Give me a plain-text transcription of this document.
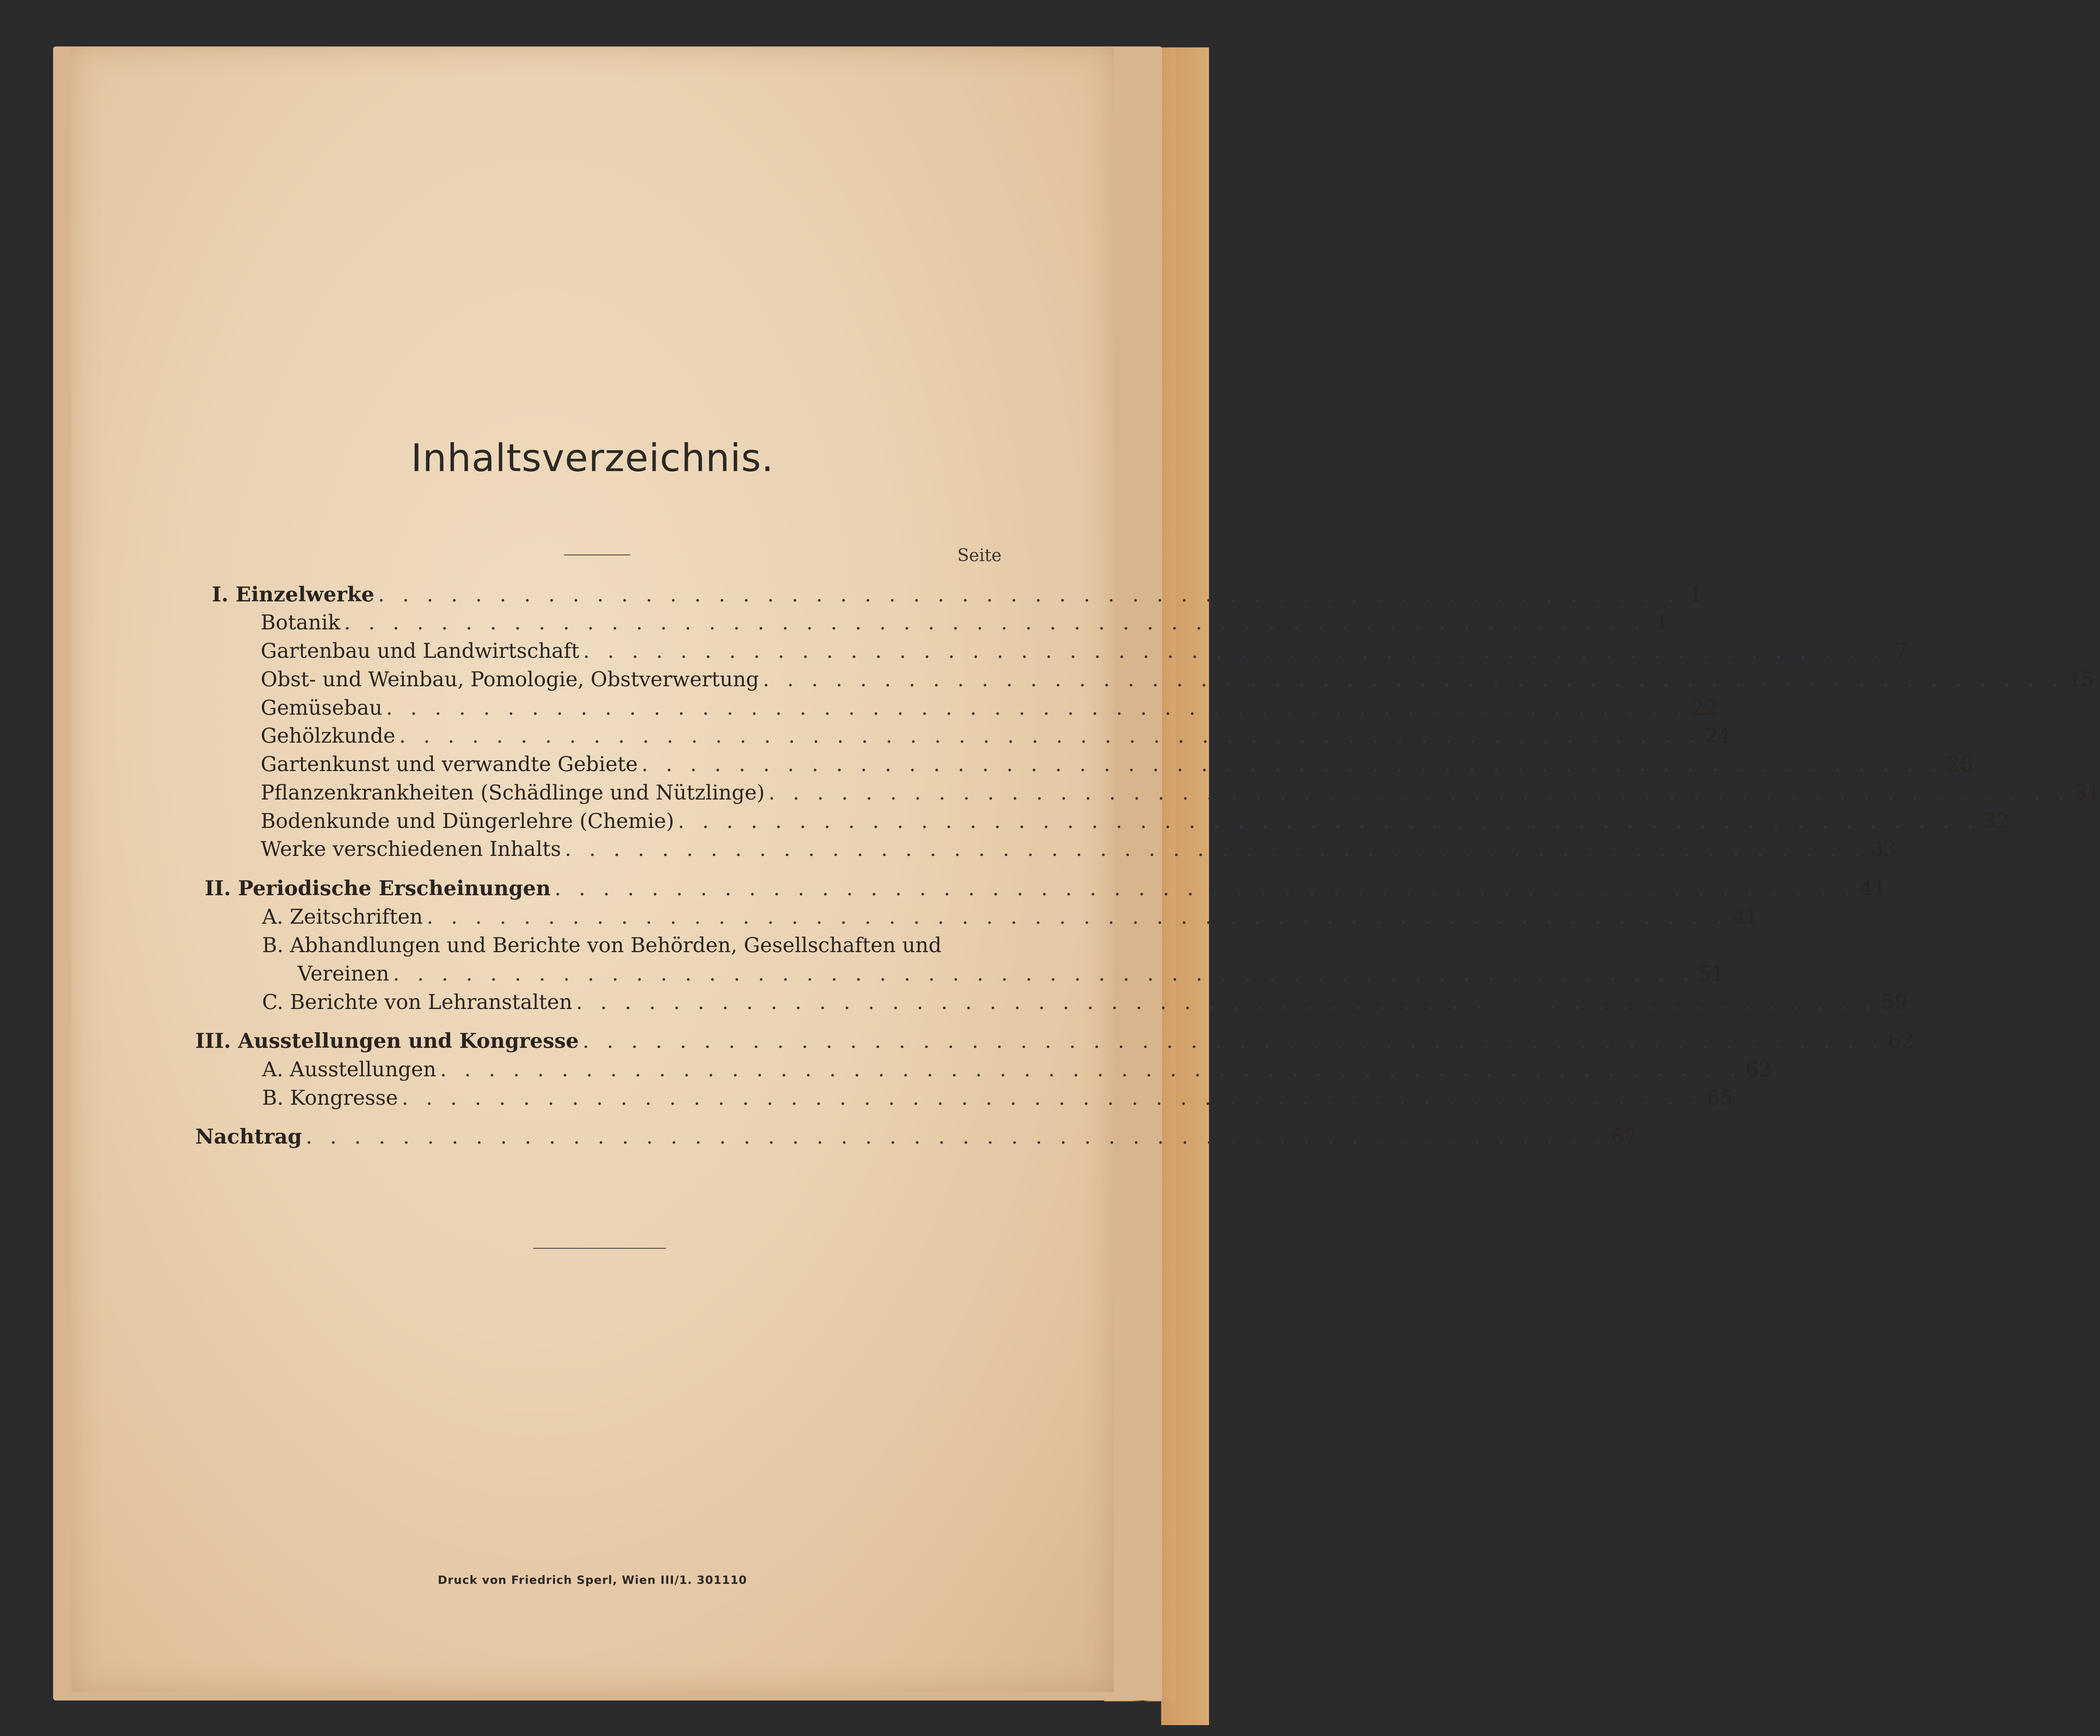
Inhaltsverzeichnis.
Seite
I. Einzelwerke . . . . . . . . . . . . . . . . . . . . . . . . . . . . . . . . . . . . . . . . . . . . . . . . . . . . . . 1
Botanik . . . . . . . . . . . . . . . . . . . . . . . . . . . . . . . . . . . . . . . . . . . . . . . . . . . . . . 1
Gartenbau und Landwirtschaft . . . . . . . . . . . . . . . . . . . . . . . . . . . . . . . . . . . . . . . . . . . . . . . . . . . . . . 7
Obst- und Weinbau, Pomologie, Obstverwertung . . . . . . . . . . . . . . . . . . . . . . . . . . . . . . . . . . . . . . . . . . . . . . . . . . . . . . 15
Gemüsebau . . . . . . . . . . . . . . . . . . . . . . . . . . . . . . . . . . . . . . . . . . . . . . . . . . . . . . 22
Gehölzkunde . . . . . . . . . . . . . . . . . . . . . . . . . . . . . . . . . . . . . . . . . . . . . . . . . . . . . . 24
Gartenkunst und verwandte Gebiete . . . . . . . . . . . . . . . . . . . . . . . . . . . . . . . . . . . . . . . . . . . . . . . . . . . . . . 26
Pflanzenkrankheiten (Schädlinge und Nützlinge) . . . . . . . . . . . . . . . . . . . . . . . . . . . . . . . . . . . . . . . . . . . . . . . . . . . . . . 31
Bodenkunde und Düngerlehre (Chemie) . . . . . . . . . . . . . . . . . . . . . . . . . . . . . . . . . . . . . . . . . . . . . . . . . . . . . . 32
Werke verschiedenen Inhalts . . . . . . . . . . . . . . . . . . . . . . . . . . . . . . . . . . . . . . . . . . . . . . . . . . . . . . 33
II. Periodische Erscheinungen . . . . . . . . . . . . . . . . . . . . . . . . . . . . . . . . . . . . . . . . . . . . . . . . . . . . . . 41
A. Zeitschriften . . . . . . . . . . . . . . . . . . . . . . . . . . . . . . . . . . . . . . . . . . . . . . . . . . . . . . 41
B. Abhandlungen und Berichte von Behörden, Gesellschaften und
Vereinen . . . . . . . . . . . . . . . . . . . . . . . . . . . . . . . . . . . . . . . . . . . . . . . . . . . . . . 51
C. Berichte von Lehranstalten . . . . . . . . . . . . . . . . . . . . . . . . . . . . . . . . . . . . . . . . . . . . . . . . . . . . . . 59
III. Ausstellungen und Kongresse . . . . . . . . . . . . . . . . . . . . . . . . . . . . . . . . . . . . . . . . . . . . . . . . . . . . . . 62
A. Ausstellungen . . . . . . . . . . . . . . . . . . . . . . . . . . . . . . . . . . . . . . . . . . . . . . . . . . . . . . 62
B. Kongresse . . . . . . . . . . . . . . . . . . . . . . . . . . . . . . . . . . . . . . . . . . . . . . . . . . . . . . 65
Nachtrag . . . . . . . . . . . . . . . . . . . . . . . . . . . . . . . . . . . . . . . . . . . . . . . . . . . . . . 67
Druck von Friedrich Sperl, Wien III/1. 301110
